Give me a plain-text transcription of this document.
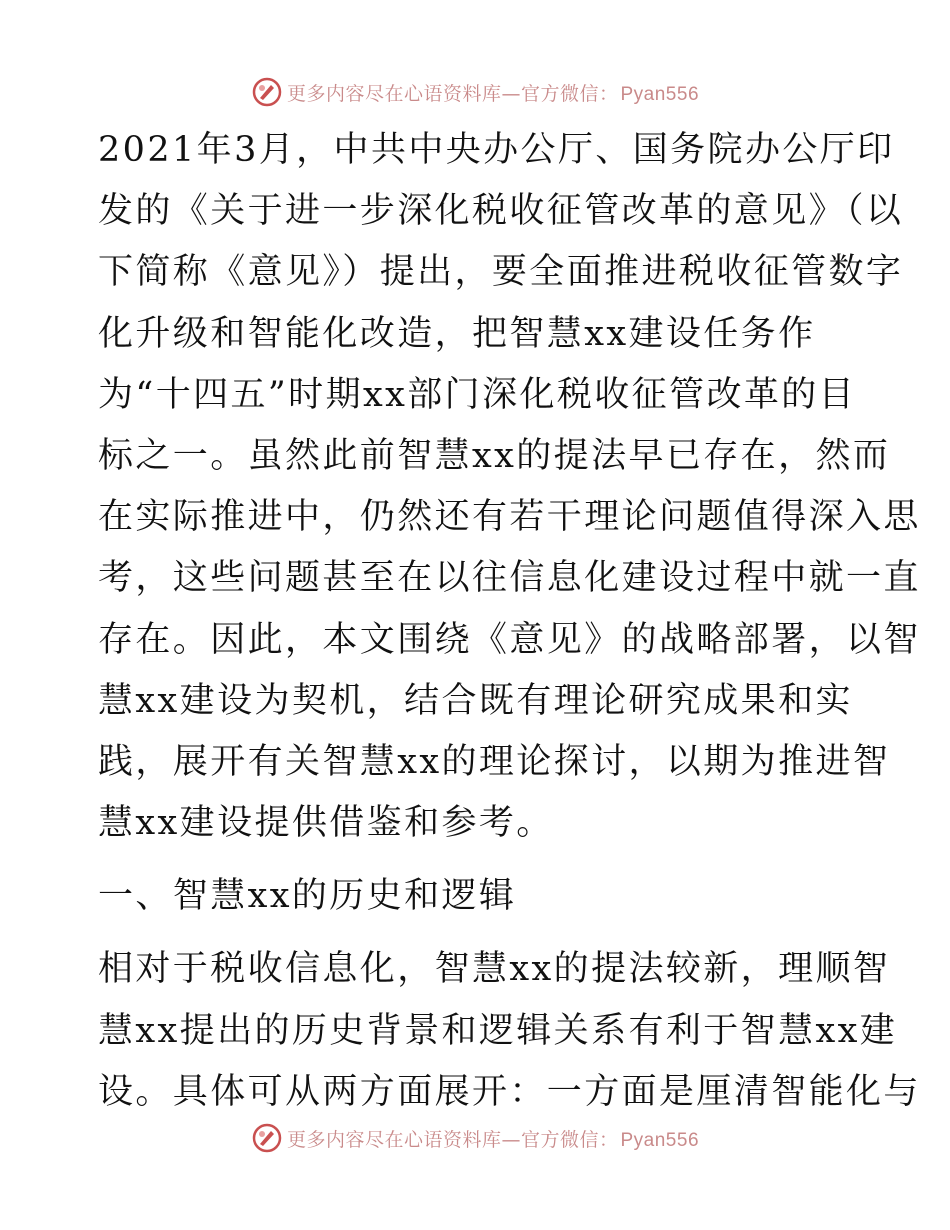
更多内容尽在心语资料库—官方微信： Pyan556
2021年3月，中共中央办公厅、国务院办公厅印
发的《关于进一步深化税收征管改革的意见》（以
下简称《意见》）提出，要全面推进税收征管数字
化升级和智能化改造，把智慧xx建设任务作
为“十四五”时期xx部门深化税收征管改革的目
标之一。虽然此前智慧xx的提法早已存在，然而
在实际推进中，仍然还有若干理论问题值得深入思
考，这些问题甚至在以往信息化建设过程中就一直
存在。因此，本文围绕《意见》的战略部署，以智
慧xx建设为契机，结合既有理论研究成果和实
践，展开有关智慧xx的理论探讨，以期为推进智
慧xx建设提供借鉴和参考。
一、智慧xx的历史和逻辑
相对于税收信息化，智慧xx的提法较新，理顺智
慧xx提出的历史背景和逻辑关系有利于智慧xx建
设。具体可从两方面展开：一方面是厘清智能化与
更多内容尽在心语资料库—官方微信： Pyan556
